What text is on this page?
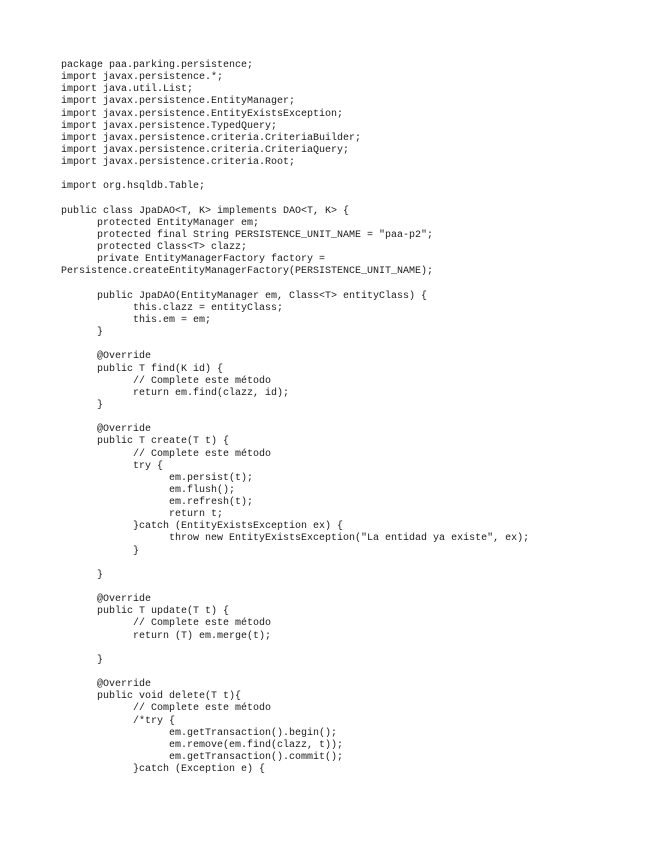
package paa.parking.persistence;
import javax.persistence.*;
import java.util.List;
import javax.persistence.EntityManager;
import javax.persistence.EntityExistsException;
import javax.persistence.TypedQuery;
import javax.persistence.criteria.CriteriaBuilder;
import javax.persistence.criteria.CriteriaQuery;
import javax.persistence.criteria.Root;
import org.hsqldb.Table;
public class JpaDAO<T, K> implements DAO<T, K> {
protected EntityManager em;
protected final String PERSISTENCE_UNIT_NAME = "paa-p2";
protected Class<T> clazz;
private EntityManagerFactory factory =
Persistence.createEntityManagerFactory(PERSISTENCE_UNIT_NAME);
public JpaDAO(EntityManager em, Class<T> entityClass) {
this.clazz = entityClass;
this.em = em;
}
@Override
public T find(K id) {
// Complete este método
return em.find(clazz, id);
}
@Override
public T create(T t) {
// Complete este método
try {
em.persist(t);
em.flush();
em.refresh(t);
return t;
}catch (EntityExistsException ex) {
throw new EntityExistsException("La entidad ya existe", ex);
}
}
@Override
public T update(T t) {
// Complete este método
return (T) em.merge(t);
}
@Override
public void delete(T t){
// Complete este método
/*try {
em.getTransaction().begin();
em.remove(em.find(clazz, t));
em.getTransaction().commit();
}catch (Exception e) {
